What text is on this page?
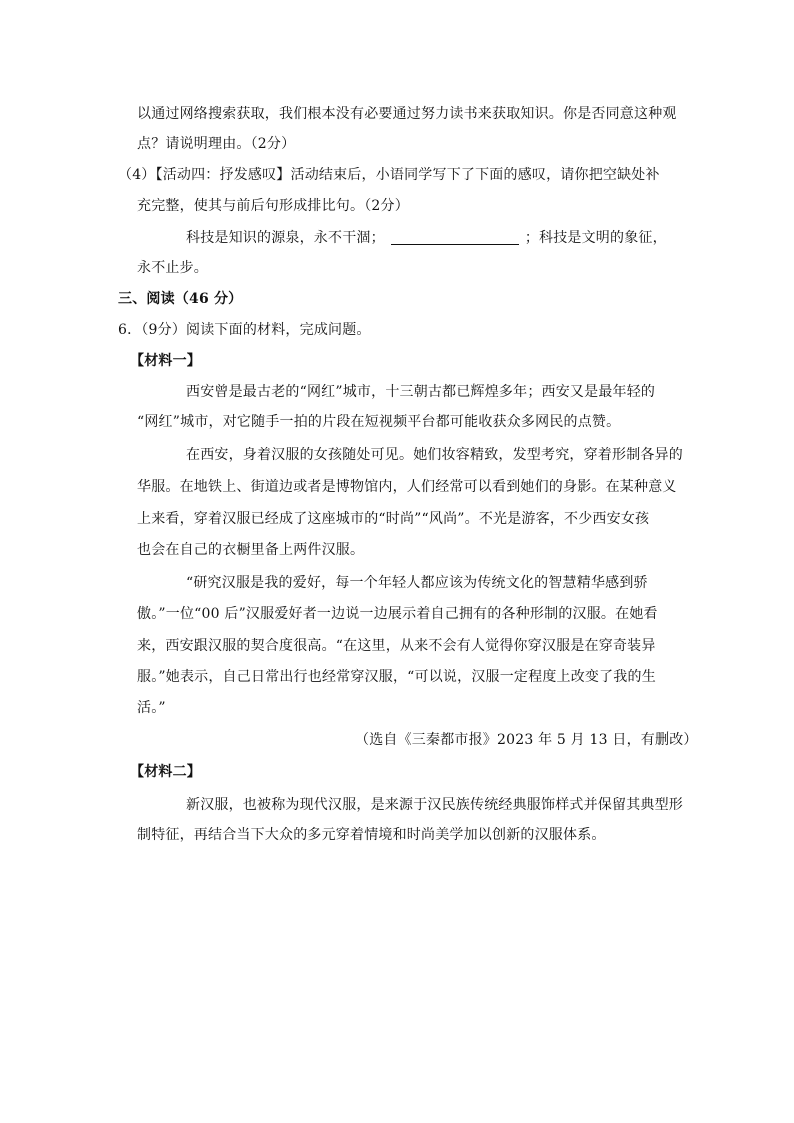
以通过网络搜索获取，我们根本没有必要通过努力读书来获取知识。你是否同意这种观
点？请说明理由。（2分）
（4）【活动四：抒发感叹】活动结束后，小语同学写下了下面的感叹，请你把空缺处补
充完整，使其与前后句形成排比句。（2分）
科技是知识的源泉，永不干涸；	；科技是文明的象征，
永不止步。
三、阅读（46 分）
6．（9分）阅读下面的材料，完成问题。
【材料一】
西安曾是最古老的“网红”城市，十三朝古都已辉煌多年；西安又是最年轻的
“网红”城市，对它随手一拍的片段在短视频平台都可能收获众多网民的点赞。
在西安，身着汉服的女孩随处可见。她们妆容精致，发型考究，穿着形制各异的
华服。在地铁上、街道边或者是博物馆内，人们经常可以看到她们的身影。在某种意义
上来看，穿着汉服已经成了这座城市的“时尚”“风尚”。不光是游客，不少西安女孩
也会在自己的衣橱里备上两件汉服。
“研究汉服是我的爱好，每一个年轻人都应该为传统文化的智慧精华感到骄
傲。”一位“00 后”汉服爱好者一边说一边展示着自己拥有的各种形制的汉服。在她看
来，西安跟汉服的契合度很高。“在这里，从来不会有人觉得你穿汉服是在穿奇装异
服。”她表示，自己日常出行也经常穿汉服，“可以说，汉服一定程度上改变了我的生
活。”
（选自《三秦都市报》2023 年 5 月 13 日，有删改）
【材料二】
新汉服，也被称为现代汉服，是来源于汉民族传统经典服饰样式并保留其典型形
制特征，再结合当下大众的多元穿着情境和时尚美学加以创新的汉服体系。
